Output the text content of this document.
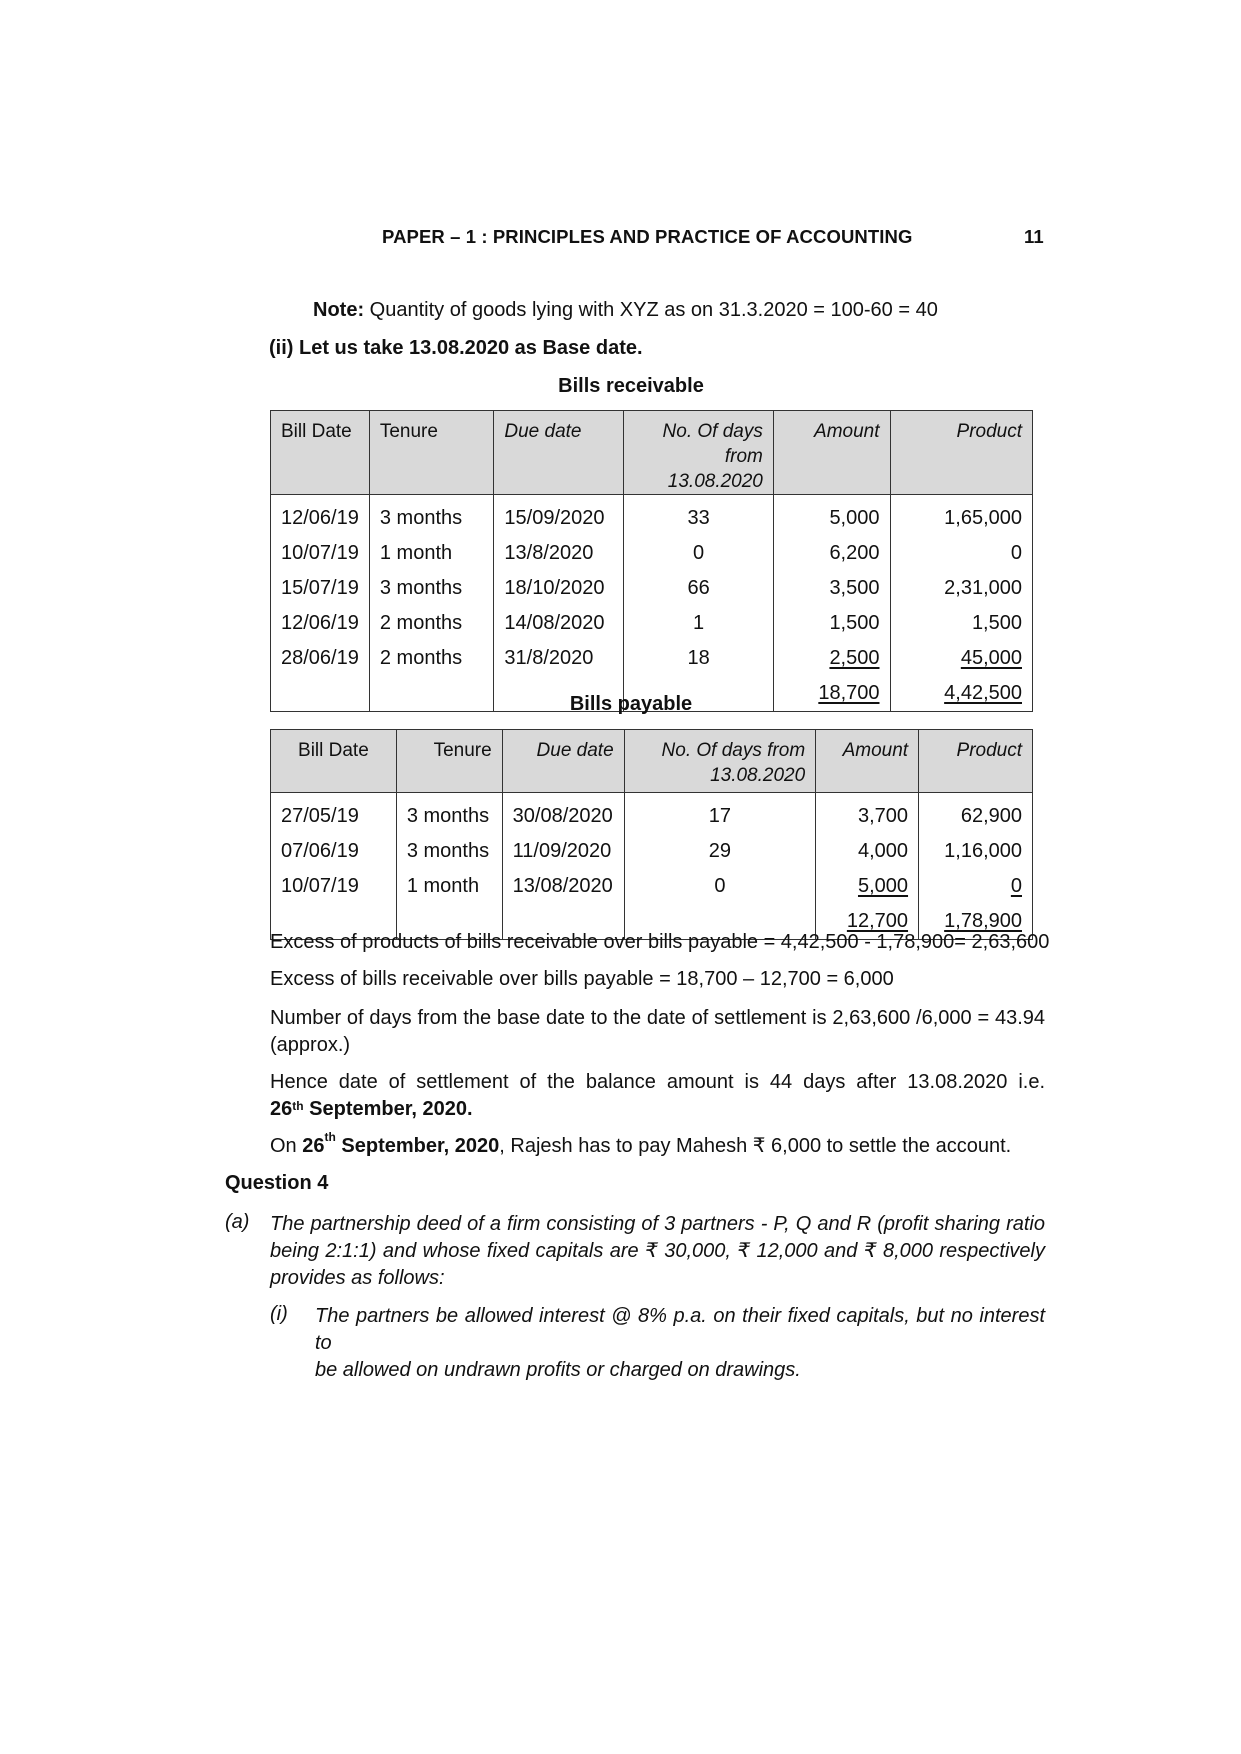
PAPER – 1 : PRINCIPLES AND PRACTICE OF ACCOUNTING	11
Note: Quantity of goods lying with XYZ as on 31.3.2020 = 100-60 = 40
(ii) Let us take 13.08.2020 as Base date.
Bills receivable
Bill Date	Tenure	Due date	No. Of days from 13.08.2020	Amount	Product
12/06/19	3 months	15/09/2020	33	5,000	1,65,000
10/07/19	1 month	13/8/2020	0	6,200	0
15/07/19	3 months	18/10/2020	66	3,500	2,31,000
12/06/19	2 months	14/08/2020	1	1,500	1,500
28/06/19	2 months	31/8/2020	18	2,500	45,000
				18,700	4,42,500
Bills payable
Bill Date	Tenure	Due date	No. Of days from 13.08.2020	Amount	Product
27/05/19	3 months	30/08/2020	17	3,700	62,900
07/06/19	3 months	11/09/2020	29	4,000	1,16,000
10/07/19	1 month	13/08/2020	0	5,000	0
				12,700	1,78,900
Excess of products of bills receivable over bills payable = 4,42,500 - 1,78,900= 2,63,600
Excess of bills receivable over bills payable = 18,700 – 12,700 = 6,000
Number of days from the base date to the date of settlement is 2,63,600 /6,000 = 43.94
(approx.)
Hence date of settlement of the balance amount is 44 days after 13.08.2020 i.e.
26th September, 2020.
On 26th September, 2020, Rajesh has to pay Mahesh ₹ 6,000 to settle the account.
Question 4
(a) The partnership deed of a firm consisting of 3 partners - P, Q and R (profit sharing ratio
being 2:1:1) and whose fixed capitals are ₹ 30,000, ₹ 12,000 and ₹ 8,000 respectively
provides as follows:
(i) The partners be allowed interest @ 8% p.a. on their fixed capitals, but no interest to
be allowed on undrawn profits or charged on drawings.
